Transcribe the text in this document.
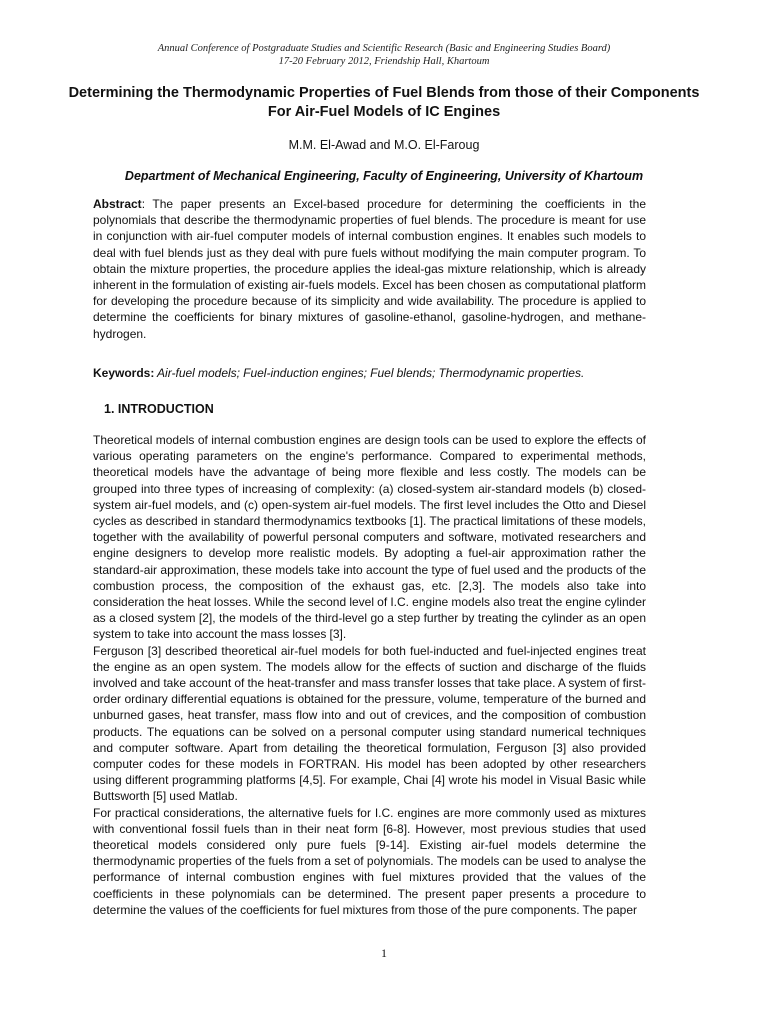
Annual Conference of Postgraduate Studies and Scientific Research (Basic and Engineering Studies Board)
17-20 February 2012, Friendship Hall, Khartoum
Determining the Thermodynamic Properties of Fuel Blends from those of their Components For Air-Fuel Models of IC Engines
M.M. El-Awad and M.O. El-Faroug
Department of Mechanical Engineering, Faculty of Engineering, University of Khartoum
Abstract: The paper presents an Excel-based procedure for determining the coefficients in the polynomials that describe the thermodynamic properties of fuel blends. The procedure is meant for use in conjunction with air-fuel computer models of internal combustion engines. It enables such models to deal with fuel blends just as they deal with pure fuels without modifying the main computer program. To obtain the mixture properties, the procedure applies the ideal-gas mixture relationship, which is already inherent in the formulation of existing air-fuels models. Excel has been chosen as computational platform for developing the procedure because of its simplicity and wide availability. The procedure is applied to determine the coefficients for binary mixtures of gasoline-ethanol, gasoline-hydrogen, and methane-hydrogen.
Keywords: Air-fuel models; Fuel-induction engines; Fuel blends; Thermodynamic properties.
1. INTRODUCTION

Theoretical models of internal combustion engines are design tools can be used to explore the effects of various operating parameters on the engine's performance. Compared to experimental methods, theoretical models have the advantage of being more flexible and less costly. The models can be grouped into three types of increasing of complexity: (a) closed-system air-standard models (b) closed-system air-fuel models, and (c) open-system air-fuel models. The first level includes the Otto and Diesel cycles as described in standard thermodynamics textbooks [1]. The practical limitations of these models, together with the availability of powerful personal computers and software, motivated researchers and engine designers to develop more realistic models. By adopting a fuel-air approximation rather the standard-air approximation, these models take into account the type of fuel used and the products of the combustion process, the composition of the exhaust gas, etc. [2,3]. The models also take into consideration the heat losses. While the second level of I.C. engine models also treat the engine cylinder as a closed system [2], the models of the third-level go a step further by treating the cylinder as an open system to take into account the mass losses [3].

Ferguson [3] described theoretical air-fuel models for both fuel-inducted and fuel-injected engines treat the engine as an open system. The models allow for the effects of suction and discharge of the fluids involved and take account of the heat-transfer and mass transfer losses that take place. A system of first-order ordinary differential equations is obtained for the pressure, volume, temperature of the burned and unburned gases, heat transfer, mass flow into and out of crevices, and the composition of combustion products. The equations can be solved on a personal computer using standard numerical techniques and computer software. Apart from detailing the theoretical formulation, Ferguson [3] also provided computer codes for these models in FORTRAN. His model has been adopted by other researchers using different programming platforms [4,5]. For example, Chai [4] wrote his model in Visual Basic while Buttsworth [5] used Matlab.

For practical considerations, the alternative fuels for I.C. engines are more commonly used as mixtures with conventional fossil fuels than in their neat form [6-8]. However, most previous studies that used theoretical models considered only pure fuels [9-14]. Existing air-fuel models determine the thermodynamic properties of the fuels from a set of polynomials. The models can be used to analyse the performance of internal combustion engines with fuel mixtures provided that the values of the coefficients in these polynomials can be determined. The present paper presents a procedure to determine the values of the coefficients for fuel mixtures from those of the pure components. The paper

1
